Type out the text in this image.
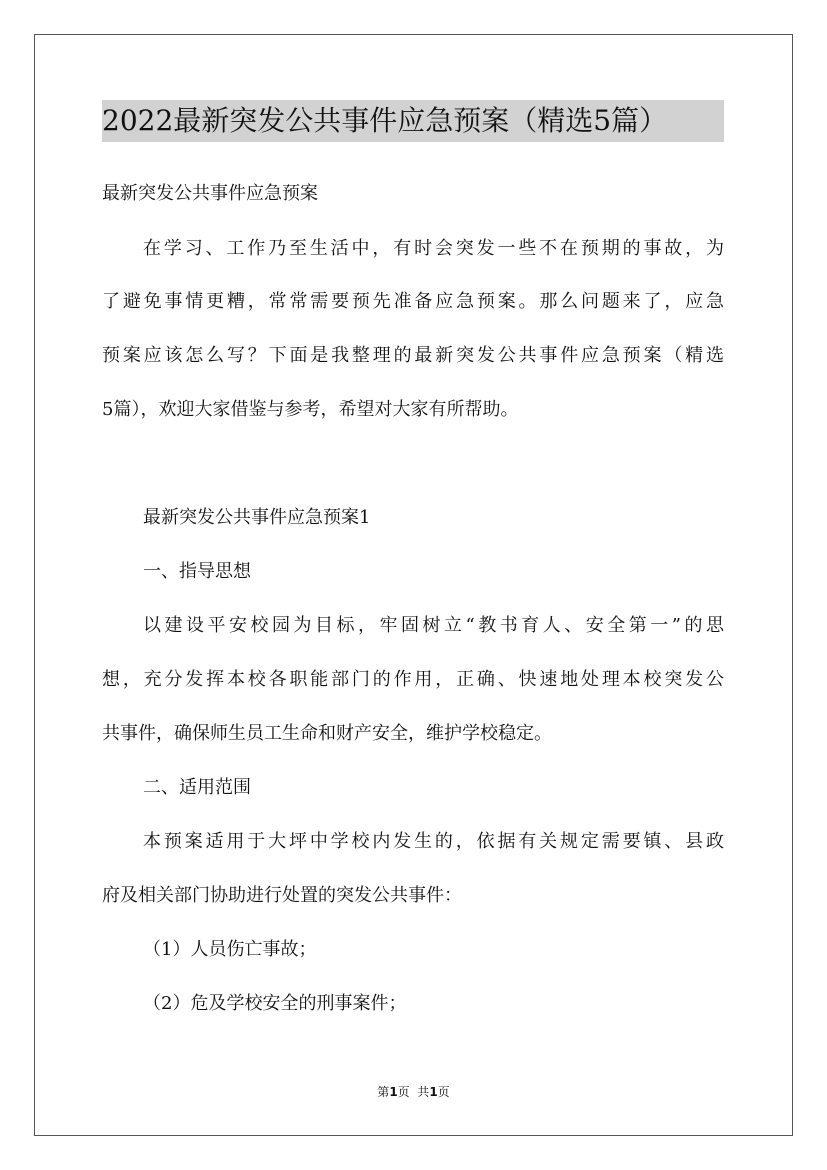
2022最新突发公共事件应急预案（精选5篇）
最新突发公共事件应急预案
在学习、工作乃至生活中，有时会突发一些不在预期的事故，为
了避免事情更糟，常常需要预先准备应急预案。那么问题来了，应急
预案应该怎么写？下面是我整理的最新突发公共事件应急预案（精选
5篇），欢迎大家借鉴与参考，希望对大家有所帮助。
最新突发公共事件应急预案1
一、指导思想
以建设平安校园为目标，牢固树立“教书育人、安全第一”的思
想，充分发挥本校各职能部门的作用，正确、快速地处理本校突发公
共事件，确保师生员工生命和财产安全，维护学校稳定。
二、适用范围
本预案适用于大坪中学校内发生的，依据有关规定需要镇、县政
府及相关部门协助进行处置的突发公共事件：
（1）人员伤亡事故；
（2）危及学校安全的刑事案件；
第1页  共1页
